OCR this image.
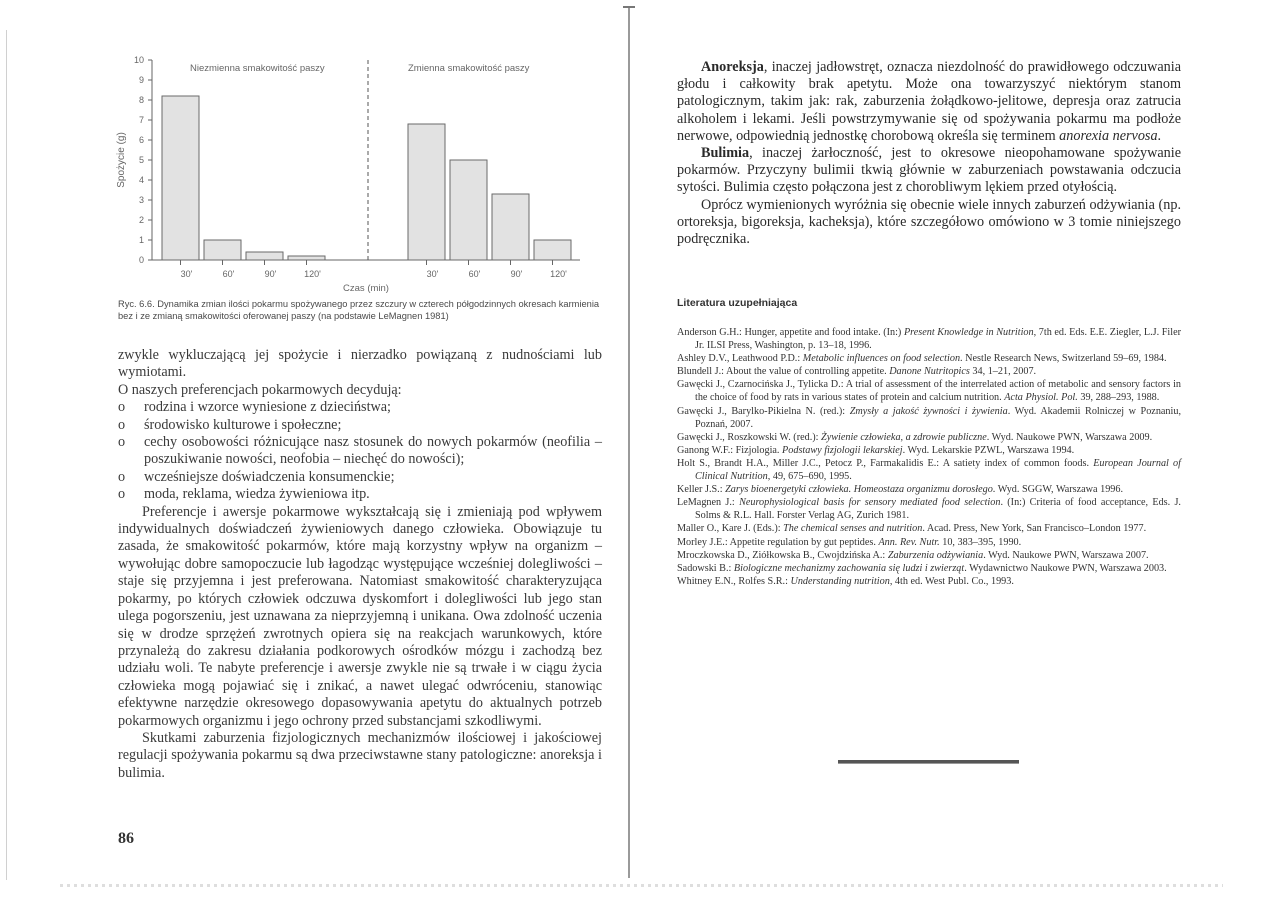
0
1
2
3
4
5
6
7
8
9
10
Spożycie (g)
30'	60'	90'	120'
Niezmienna smakowitość paszy
30'	60'	90'	120'
Zmienna smakowitość paszy
Czas (min)
Ryc. 6.6. Dynamika zmian ilości pokarmu spożywanego przez szczury w czterech półgodzinnych okresach karmienia bez i ze zmianą smakowitości oferowanej paszy (na podstawie LeMagnen 1981)

zwykle wykluczającą jej spożycie i nierzadko powiązaną z nudnościami lub wymiotami.

O naszych preferencjach pokarmowych decydują:

o rodzina i wzorce wyniesione z dzieciństwa;
o środowisko kulturowe i społeczne;
o cechy osobowości różnicujące nasz stosunek do nowych pokarmów (neofilia – poszukiwanie nowości, neofobia – niechęć do nowości);
o wcześniejsze doświadczenia konsumenckie;
o moda, reklama, wiedza żywieniowa itp.

Preferencje i awersje pokarmowe wykształcają się i zmieniają pod wpływem indywidualnych doświadczeń żywieniowych danego człowieka. Obowiązuje tu zasada, że smakowitość pokarmów, które mają korzystny wpływ na organizm – wywołując dobre samopoczucie lub łagodząc występujące wcześniej dolegliwości – staje się przyjemna i jest preferowana. Natomiast smakowitość charakteryzująca pokarmy, po których człowiek odczuwa dyskomfort i dolegliwości lub jego stan ulega pogorszeniu, jest uznawana za nieprzyjemną i unikana. Owa zdolność uczenia się w drodze sprzężeń zwrotnych opiera się na reakcjach warunkowych, które przynależą do zakresu działania podkorowych ośrodków mózgu i zachodzą bez udziału woli. Te nabyte preferencje i awersje zwykle nie są trwałe i w ciągu życia człowieka mogą pojawiać się i znikać, a nawet ulegać odwróceniu, stanowiąc efektywne narzędzie okresowego dopasowywania apetytu do aktualnych potrzeb pokarmowych organizmu i jego ochrony przed substancjami szkodliwymi.

Skutkami zaburzenia fizjologicznych mechanizmów ilościowej i jakościowej regulacji spożywania pokarmu są dwa przeciwstawne stany patologiczne: anoreksja i bulimia.

86

Anoreksja, inaczej jadłowstręt, oznacza niezdolność do prawidłowego odczuwania głodu i całkowity brak apetytu. Może ona towarzyszyć niektórym stanom patologicznym, takim jak: rak, zaburzenia żołądkowo-jelitowe, depresja oraz zatrucia alkoholem i lekami. Jeśli powstrzymywanie się od spożywania pokarmu ma podłoże nerwowe, odpowiednią jednostkę chorobową określa się terminem anorexia nervosa.

Bulimia, inaczej żarłoczność, jest to okresowe nieopohamowane spożywanie pokarmów. Przyczyny bulimii tkwią głównie w zaburzeniach powstawania odczucia sytości. Bulimia często połączona jest z chorobliwym lękiem przed otyłością.

Oprócz wymienionych wyróżnia się obecnie wiele innych zaburzeń odżywiania (np. ortoreksja, bigoreksja, kacheksja), które szczegółowo omówiono w 3 tomie niniejszego podręcznika.

Literatura uzupełniająca
Anderson G.H.: Hunger, appetite and food intake. (In:) Present Knowledge in Nutrition, 7th ed. Eds. E.E. Ziegler, L.J. Filer Jr. ILSI Press, Washington, p. 13–18, 1996.
Ashley D.V., Leathwood P.D.: Metabolic influences on food selection. Nestle Research News, Switzerland 59–69, 1984.
Blundell J.: About the value of controlling appetite. Danone Nutritopics 34, 1–21, 2007.
Gawęcki J., Czarnocińska J., Tylicka D.: A trial of assessment of the interrelated action of metabolic and sensory factors in the choice of food by rats in various states of protein and calcium nutrition. Acta Physiol. Pol. 39, 288–293, 1988.
Gawęcki J., Barylko-Pikielna N. (red.): Zmysły a jakość żywności i żywienia. Wyd. Akademii Rolniczej w Poznaniu, Poznań, 2007.
Gawęcki J., Roszkowski W. (red.): Żywienie człowieka, a zdrowie publiczne. Wyd. Naukowe PWN, Warszawa 2009.
Ganong W.F.: Fizjologia. Podstawy fizjologii lekarskiej. Wyd. Lekarskie PZWL, Warszawa 1994.
Holt S., Brandt H.A., Miller J.C., Petocz P., Farmakalidis E.: A satiety index of common foods. European Journal of Clinical Nutrition, 49, 675–690, 1995.
Keller J.S.: Zarys bioenergetyki człowieka. Homeostaza organizmu dorosłego. Wyd. SGGW, Warszawa 1996.
LeMagnen J.: Neurophysiological basis for sensory mediated food selection. (In:) Criteria of food acceptance, Eds. J. Solms & R.L. Hall. Forster Verlag AG, Zurich 1981.
Maller O., Kare J. (Eds.): The chemical senses and nutrition. Acad. Press, New York, San Francisco–London 1977.
Morley J.E.: Appetite regulation by gut peptides. Ann. Rev. Nutr. 10, 383–395, 1990.
Mroczkowska D., Ziółkowska B., Cwojdzińska A.: Zaburzenia odżywiania. Wyd. Naukowe PWN, Warszawa 2007.
Sadowski B.: Biologiczne mechanizmy zachowania się ludzi i zwierząt. Wydawnictwo Naukowe PWN, Warszawa 2003.
Whitney E.N., Rolfes S.R.: Understanding nutrition, 4th ed. West Publ. Co., 1993.
